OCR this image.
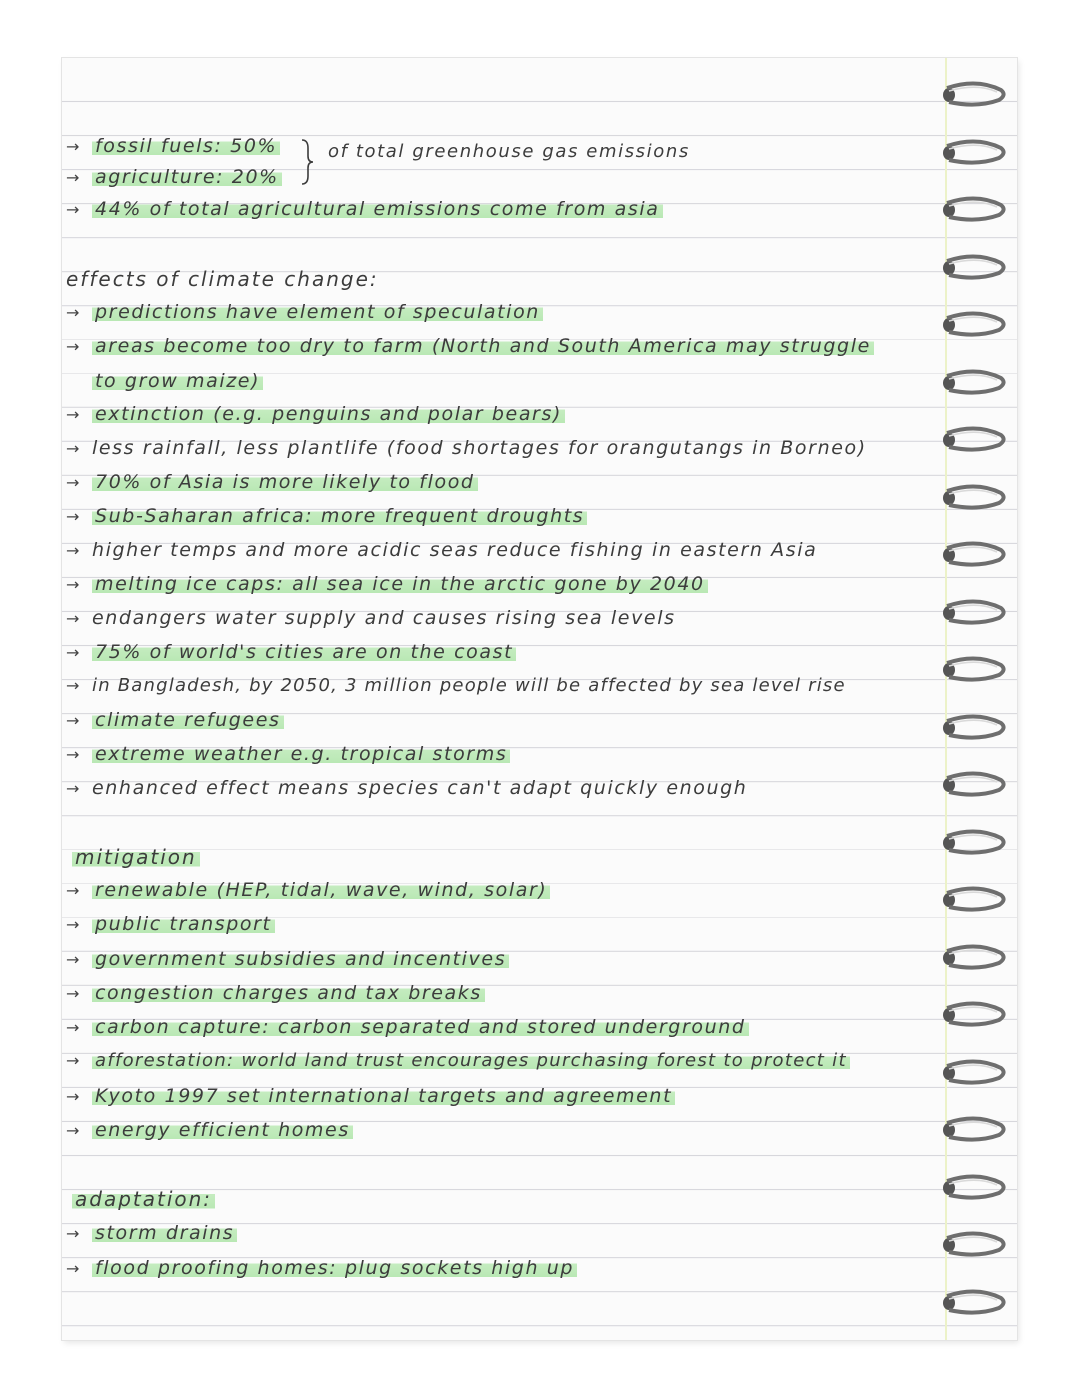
of total greenhouse gas emissions
→ fossil fuels: 50%
→ agriculture: 20%
→ 44% of total agricultural emissions come from asia
effects of climate change:
→ predictions have element of speculation
→ areas become too dry to farm (North and South America may struggle
to grow maize)
→ extinction (e.g. penguins and polar bears)
→ less rainfall, less plantlife (food shortages for orangutangs in Borneo)
→ 70% of Asia is more likely to flood
→ Sub-Saharan africa: more frequent droughts
→ higher temps and more acidic seas reduce fishing in eastern Asia
→ melting ice caps: all sea ice in the arctic gone by 2040
→ endangers water supply and causes rising sea levels
→ 75% of world's cities are on the coast
→ in Bangladesh, by 2050, 3 million people will be affected by sea level rise
→ climate refugees
→ extreme weather e.g. tropical storms
→ enhanced effect means species can't adapt quickly enough
mitigation
→ renewable (HEP, tidal, wave, wind, solar)
→ public transport
→ government subsidies and incentives
→ congestion charges and tax breaks
→ carbon capture: carbon separated and stored underground
→ afforestation: world land trust encourages purchasing forest to protect it
→ Kyoto 1997 set international targets and agreement
→ energy efficient homes
adaptation:
→ storm drains
→ flood proofing homes: plug sockets high up
